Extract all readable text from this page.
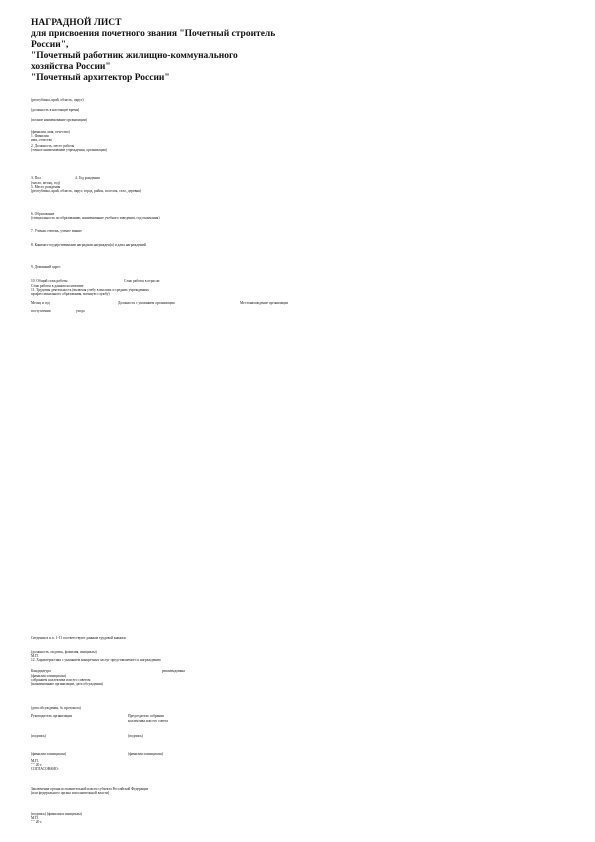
НАГРАДНОЙ ЛИСТ
для присвоения почетного звания "Почетный строитель
России",
"Почетный работник жилищно-коммунального
хозяйства России"
"Почетный архитектор России"
(республика, край, область, округ)
(должность в настоящее время)
(полное наименование организации)
(фамилия, имя, отчество)
1. Фамилия
имя, отчество
2. Должность, место работы
(точное наименование учреждения, организации)
3. Пол	4. Год рождения
(число, месяц, год)
5. Место рождения
(республика, край, область, округ, город, район, поселок, село, деревня)
6. Образование
(специальность по образованию, наименование учебного заведения, год окончания)
7. Ученая степень, ученое звание
8. Какими государственными наградами награжден(а) и даты награждений
9. Домашний адрес
10. Общий стаж работы	Стаж работы в отрасли
Стаж работы в данном коллективе
11. Трудовая деятельность (включая учебу в высших и средних учреждениях
профессионального образования, военную службу)
Месяц и год	Должность с указанием организации	Местонахождение организации
поступления	ухода
Сведения в п.п. 1-11 соответствуют данным трудовой книжки
(должность, подпись, фамилия, инициалы)
М.П.
12. Характеристика с указанием конкретных заслуг представляемого к награждению
Кандидатура	рекомендована
(фамилия и инициалы)
собранием коллектива или его советом
(наименование организации, дата обсуждения)
(дата обсуждения, № протокола)
Руководитель организации	Председатель собрания
коллектива или его совета
(подпись)	(подпись)
(фамилия и инициалы)	(фамилия и инициалы)
М.П.
" " 20 г.
СОГЛАСОВАНО:
Заключение органа исполнительной власти субъекта Российской Федерации
(или федерального органа исполнительной власти)
(подпись) (фамилия и инициалы)
М.П.
" " 20 г.
